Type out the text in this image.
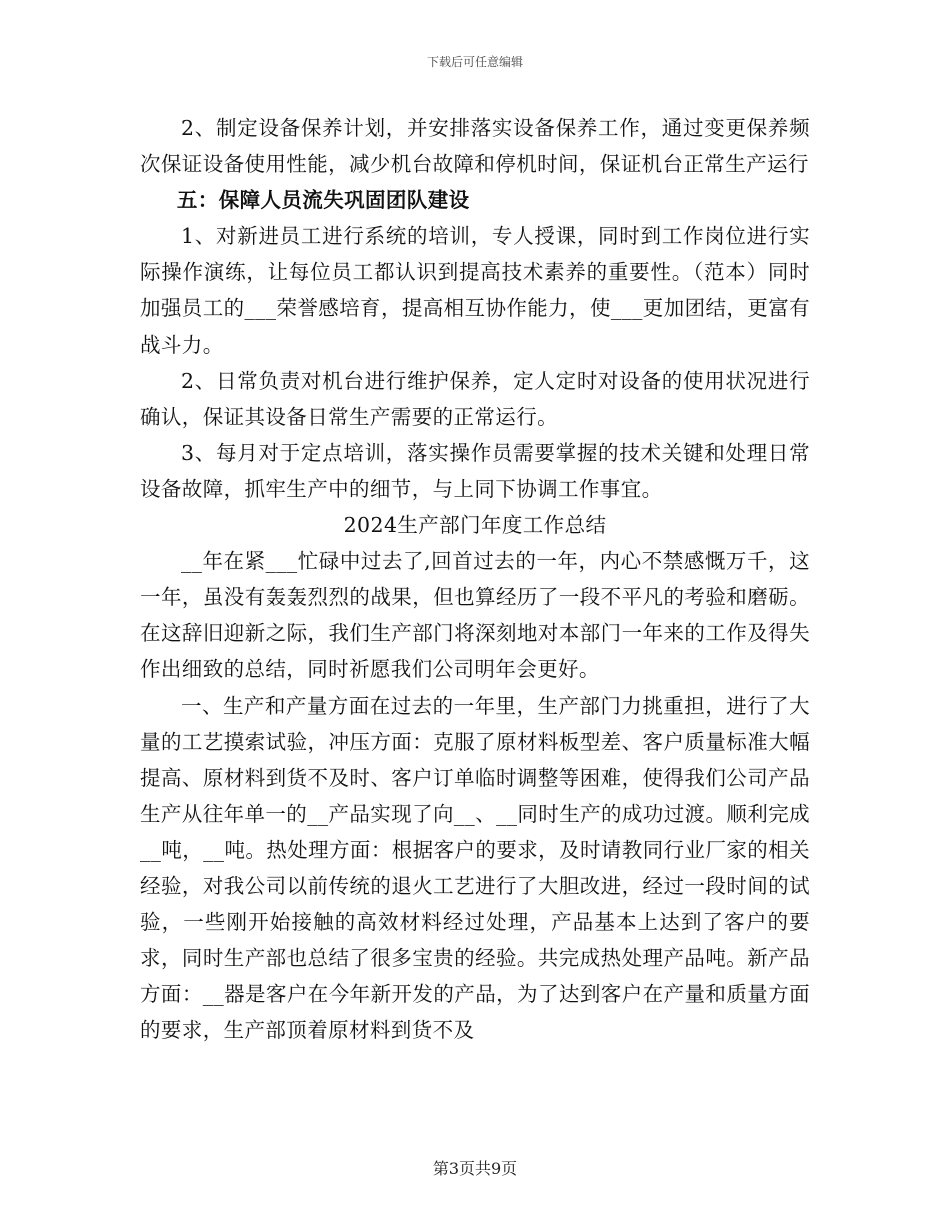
下载后可任意编辑

2、制定设备保养计划，并安排落实设备保养工作，通过变更保养频次保证设备使用性能，减少机台故障和停机时间，保证机台正常生产运行

五：保障人员流失巩固团队建设

1、对新进员工进行系统的培训，专人授课，同时到工作岗位进行实际操作演练，让每位员工都认识到提高技术素养的重要性。（范本）同时加强员工的___荣誉感培育，提高相互协作能力，使___更加团结，更富有战斗力。

2、日常负责对机台进行维护保养，定人定时对设备的使用状况进行确认，保证其设备日常生产需要的正常运行。

3、每月对于定点培训，落实操作员需要掌握的技术关键和处理日常设备故障，抓牢生产中的细节，与上同下协调工作事宜。

2024生产部门年度工作总结

__年在紧___忙碌中过去了,回首过去的一年，内心不禁感慨万千，这一年，虽没有轰轰烈烈的战果，但也算经历了一段不平凡的考验和磨砺。在这辞旧迎新之际，我们生产部门将深刻地对本部门一年来的工作及得失作出细致的总结，同时祈愿我们公司明年会更好。

一、生产和产量方面在过去的一年里，生产部门力挑重担，进行了大量的工艺摸索试验，冲压方面：克服了原材料板型差、客户质量标准大幅提高、原材料到货不及时、客户订单临时调整等困难，使得我们公司产品生产从往年单一的__产品实现了向__、__同时生产的成功过渡。顺利完成__吨，__吨。热处理方面：根据客户的要求，及时请教同行业厂家的相关经验，对我公司以前传统的退火工艺进行了大胆改进，经过一段时间的试验，一些刚开始接触的高效材料经过处理，产品基本上达到了客户的要求，同时生产部也总结了很多宝贵的经验。共完成热处理产品吨。新产品方面：__器是客户在今年新开发的产品，为了达到客户在产量和质量方面的要求，生产部顶着原材料到货不及

第3页共9页
